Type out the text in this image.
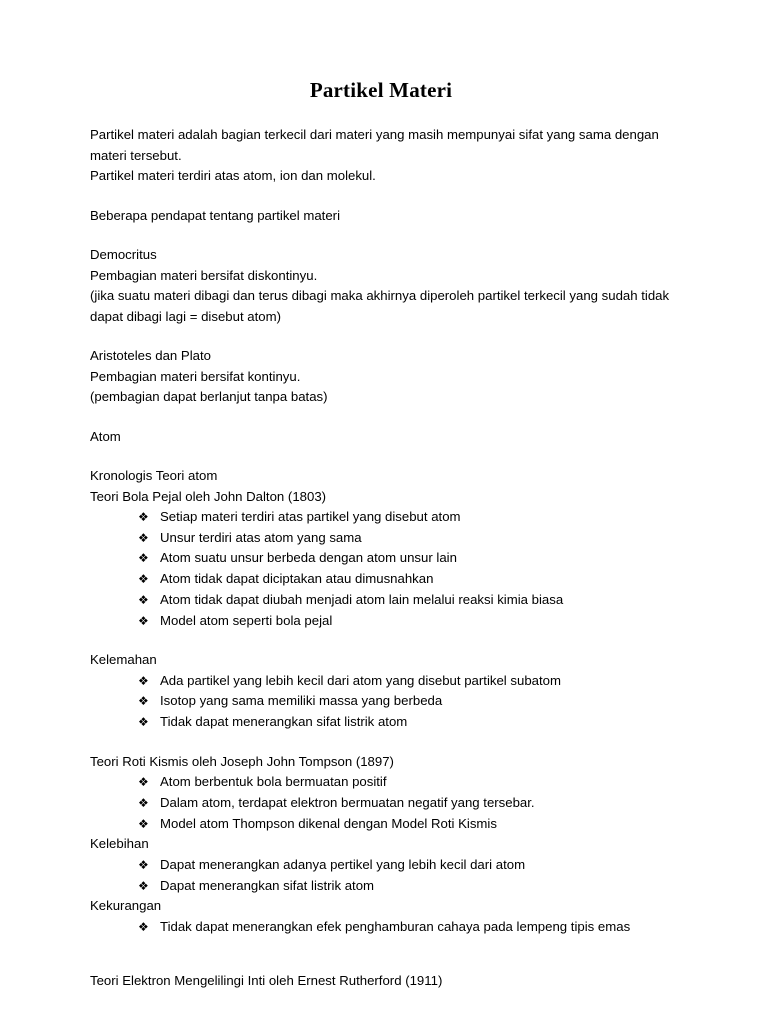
Partikel Materi

Partikel materi adalah bagian terkecil dari materi yang masih mempunyai sifat yang sama dengan materi tersebut.

Partikel materi terdiri atas atom, ion dan molekul.

Beberapa pendapat tentang partikel materi

Democritus

Pembagian materi bersifat diskontinyu.

(jika suatu materi dibagi dan terus dibagi maka akhirnya diperoleh partikel terkecil yang sudah tidak dapat dibagi lagi = disebut atom)

Aristoteles dan Plato

Pembagian materi bersifat kontinyu.

(pembagian dapat berlanjut tanpa batas)

Atom

Kronologis Teori atom

Teori Bola Pejal oleh John Dalton (1803)

❖ Setiap materi terdiri atas partikel yang disebut atom
❖ Unsur terdiri atas atom yang sama
❖ Atom suatu unsur berbeda dengan atom unsur lain
❖ Atom tidak dapat diciptakan atau dimusnahkan
❖ Atom tidak dapat diubah menjadi atom lain melalui reaksi kimia biasa
❖ Model atom seperti bola pejal

Kelemahan

❖ Ada partikel yang lebih kecil dari atom yang disebut partikel subatom
❖ Isotop yang sama memiliki massa yang berbeda
❖ Tidak dapat menerangkan sifat listrik atom

Teori Roti Kismis oleh Joseph John Tompson (1897)

❖ Atom berbentuk bola bermuatan positif
❖ Dalam atom, terdapat elektron bermuatan negatif yang tersebar.
❖ Model atom Thompson dikenal dengan Model Roti Kismis

Kelebihan

❖ Dapat menerangkan adanya pertikel yang lebih kecil dari atom
❖ Dapat menerangkan sifat listrik atom

Kekurangan

❖ Tidak dapat menerangkan efek penghamburan cahaya pada lempeng tipis emas

Teori Elektron Mengelilingi Inti oleh Ernest Rutherford (1911)
